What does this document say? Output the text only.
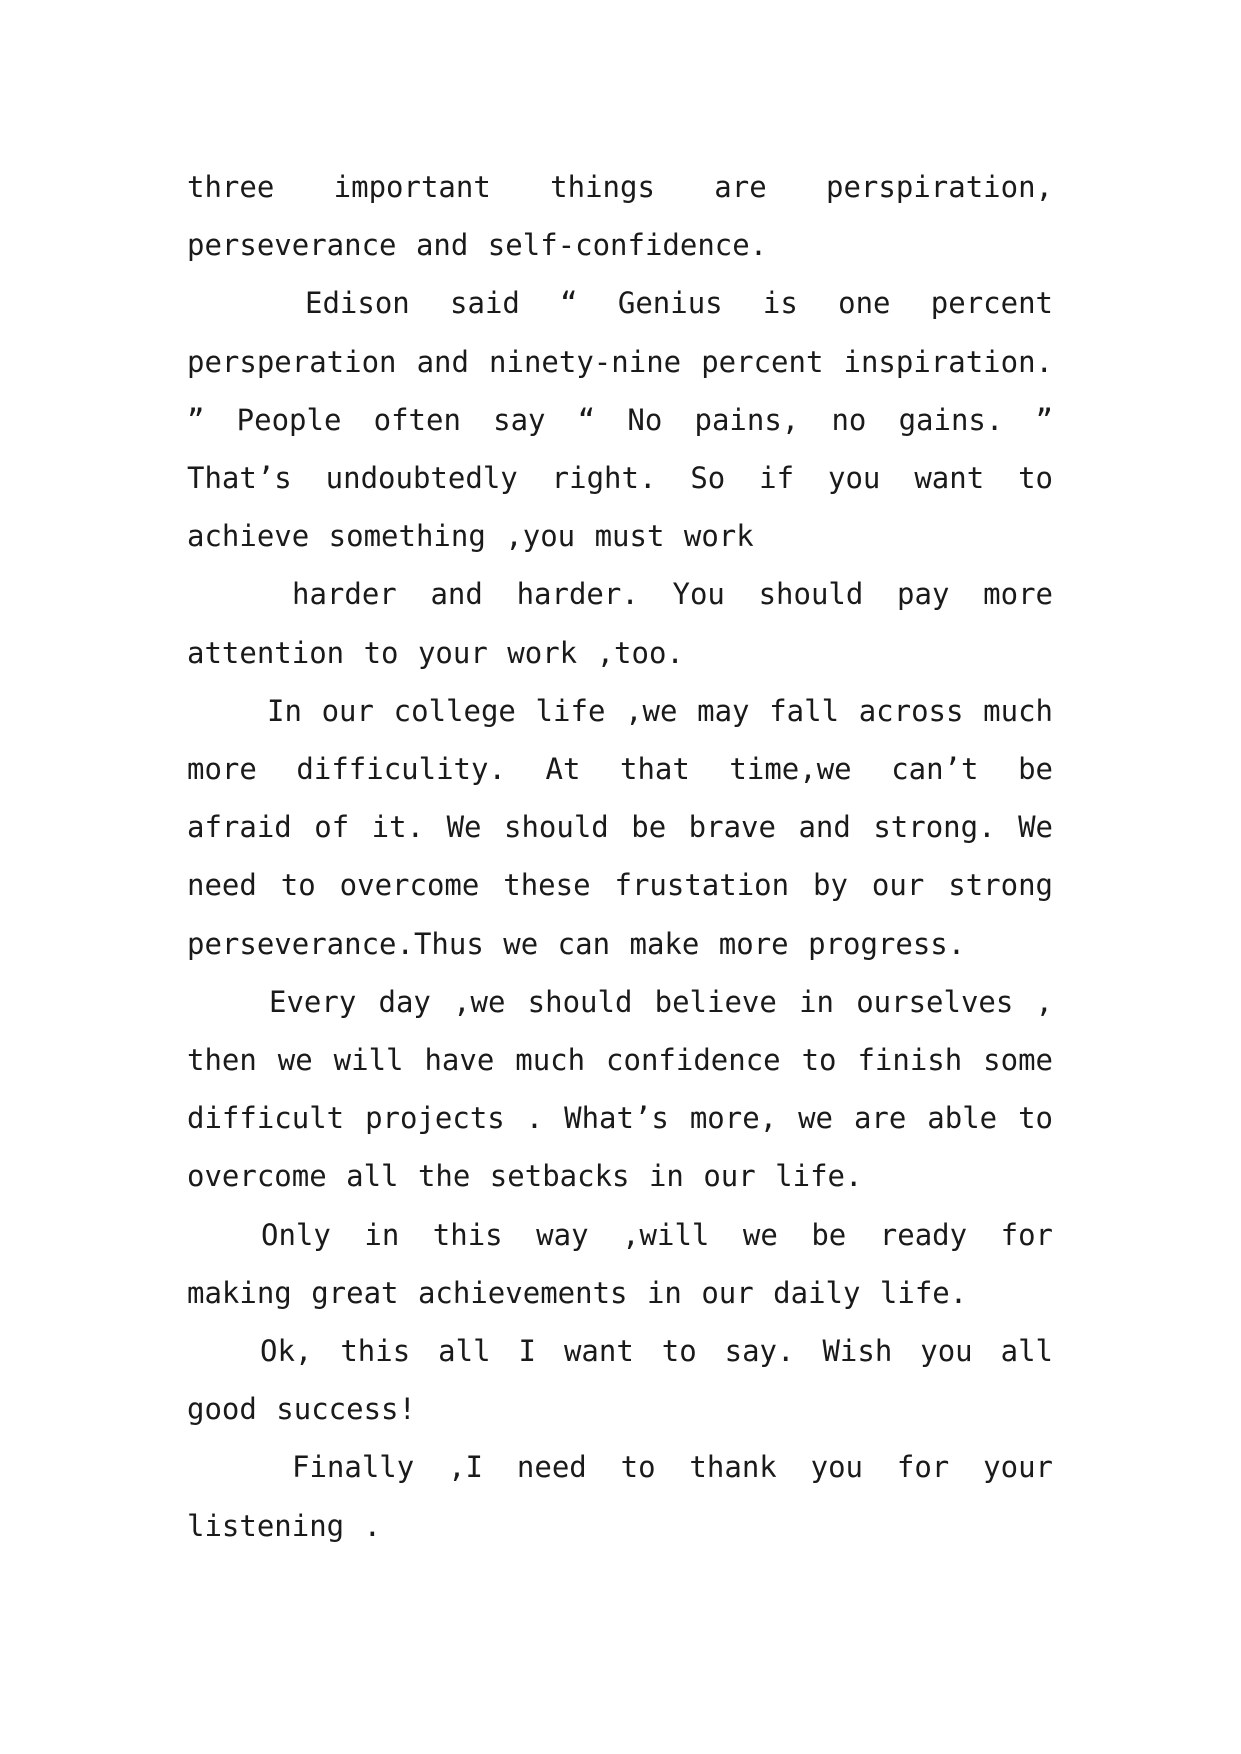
three important things are perspiration, perseverance and self-confidence.

Edison said “ Genius is one percent persperation and ninety-nine percent inspiration. ” People often say “ No pains, no gains. ” That’s undoubtedly right. So if you want to achieve something ,you must work

harder and harder. You should pay more attention to your work ,too.

In our college life ,we may fall across much more difficulity. At that time,we can’t be afraid of it. We should be brave and strong. We need to overcome these frustation by our strong perseverance.Thus we can make more progress.

Every day ,we should believe in ourselves , then we will have much confidence to finish some difficult projects . What’s more, we are able to overcome all the setbacks in our life.

Only in this way ,will we be ready for making great achievements in our daily life.

Ok, this all I want to say. Wish you all good success!

Finally ,I need to thank you for your listening .
